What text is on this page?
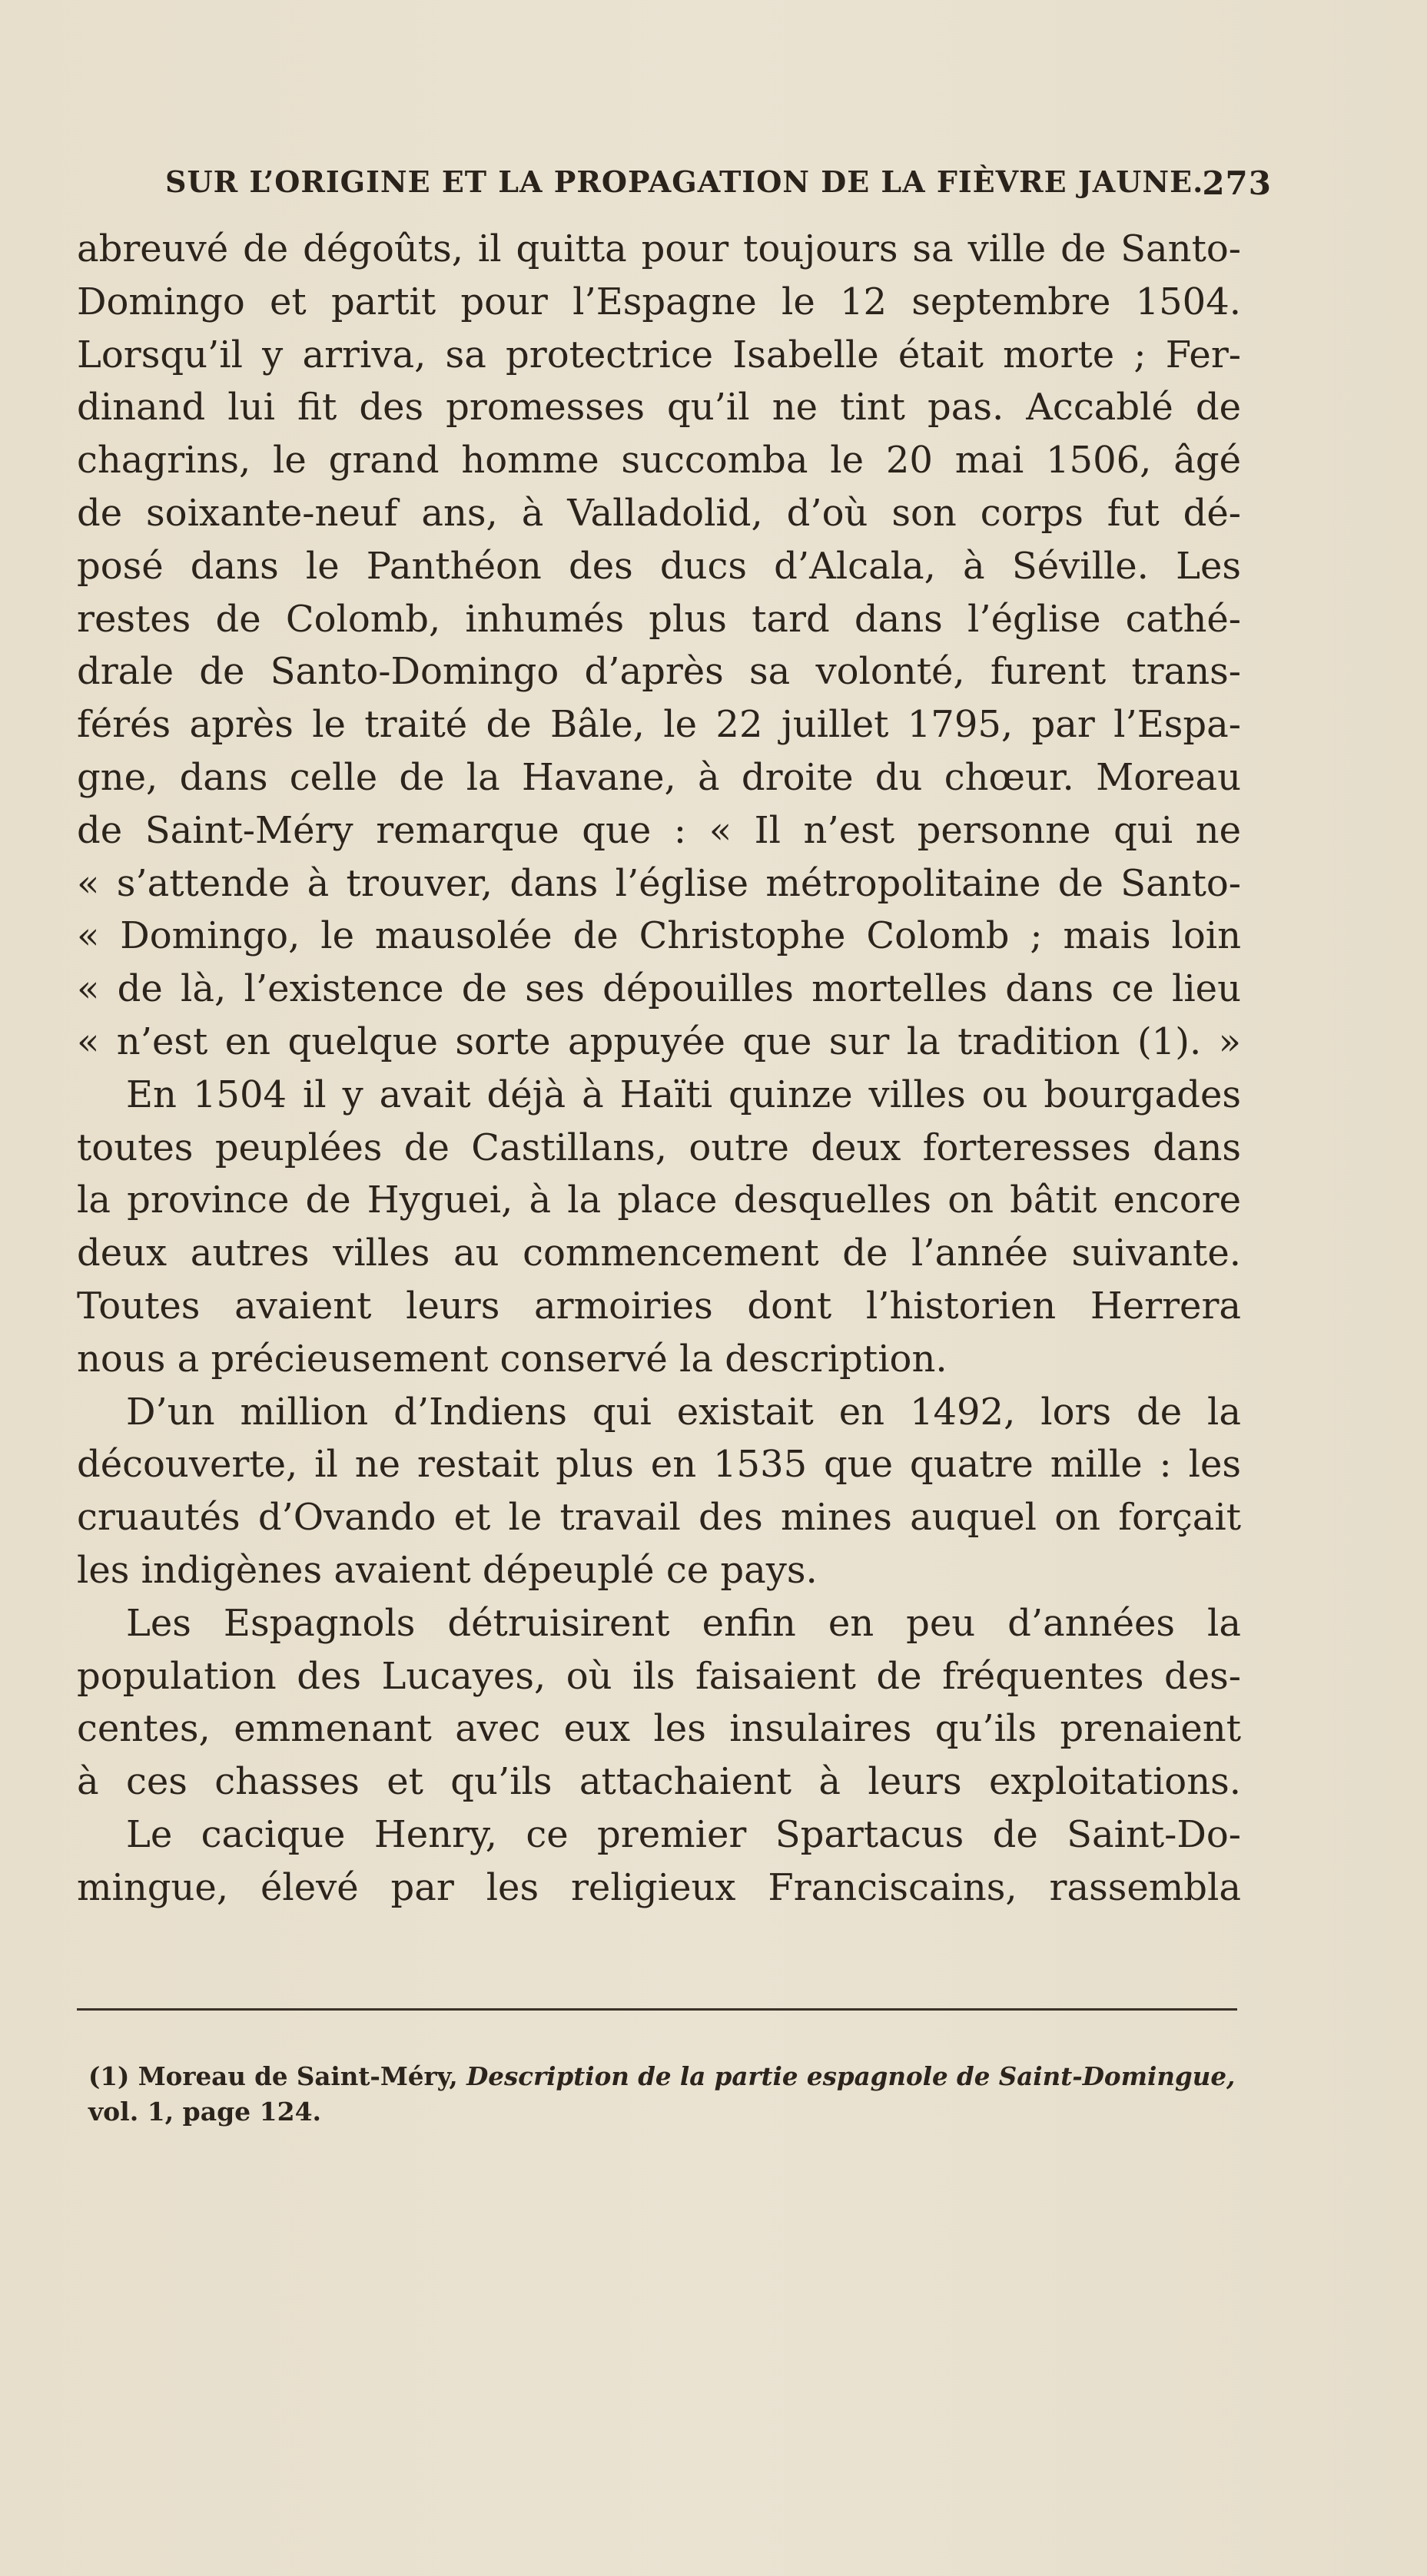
SUR L’ORIGINE ET LA PROPAGATION DE LA FIÈVRE JAUNE.
273
abreuvé de dégoûts, il quitta pour toujours sa ville de Santo-
Domingo et partit pour l’Espagne le 12 septembre 1504.
Lorsqu’il y arriva, sa protectrice Isabelle était morte ; Fer-
dinand lui fit des promesses qu’il ne tint pas. Accablé de
chagrins, le grand homme succomba le 20 mai 1506, âgé
de soixante-neuf ans, à Valladolid, d’où son corps fut dé-
posé dans le Panthéon des ducs d’Alcala, à Séville. Les
restes de Colomb, inhumés plus tard dans l’église cathé-
drale de Santo-Domingo d’après sa volonté, furent trans-
férés après le traité de Bâle, le 22 juillet 1795, par l’Espa-
gne, dans celle de la Havane, à droite du chœur. Moreau
de Saint-Méry remarque que : « Il n’est personne qui ne
« s’attende à trouver, dans l’église métropolitaine de Santo-
« Domingo, le mausolée de Christophe Colomb ; mais loin
« de là, l’existence de ses dépouilles mortelles dans ce lieu
« n’est en quelque sorte appuyée que sur la tradition (1). »
En 1504 il y avait déjà à Haïti quinze villes ou bourgades
toutes peuplées de Castillans, outre deux forteresses dans
la province de Hyguei, à la place desquelles on bâtit encore
deux autres villes au commencement de l’année suivante.
Toutes avaient leurs armoiries dont l’historien Herrera
nous a précieusement conservé la description.
D’un million d’Indiens qui existait en 1492, lors de la
découverte, il ne restait plus en 1535 que quatre mille : les
cruautés d’Ovando et le travail des mines auquel on forçait
les indigènes avaient dépeuplé ce pays.
Les Espagnols détruisirent enfin en peu d’années la
population des Lucayes, où ils faisaient de fréquentes des-
centes, emmenant avec eux les insulaires qu’ils prenaient
à ces chasses et qu’ils attachaient à leurs exploitations.
Le cacique Henry, ce premier Spartacus de Saint-Do-
mingue, élevé par les religieux Franciscains, rassembla
(1) Moreau de Saint-Méry, Description de la partie espagnole de Saint-Domingue,
vol. 1, page 124.
